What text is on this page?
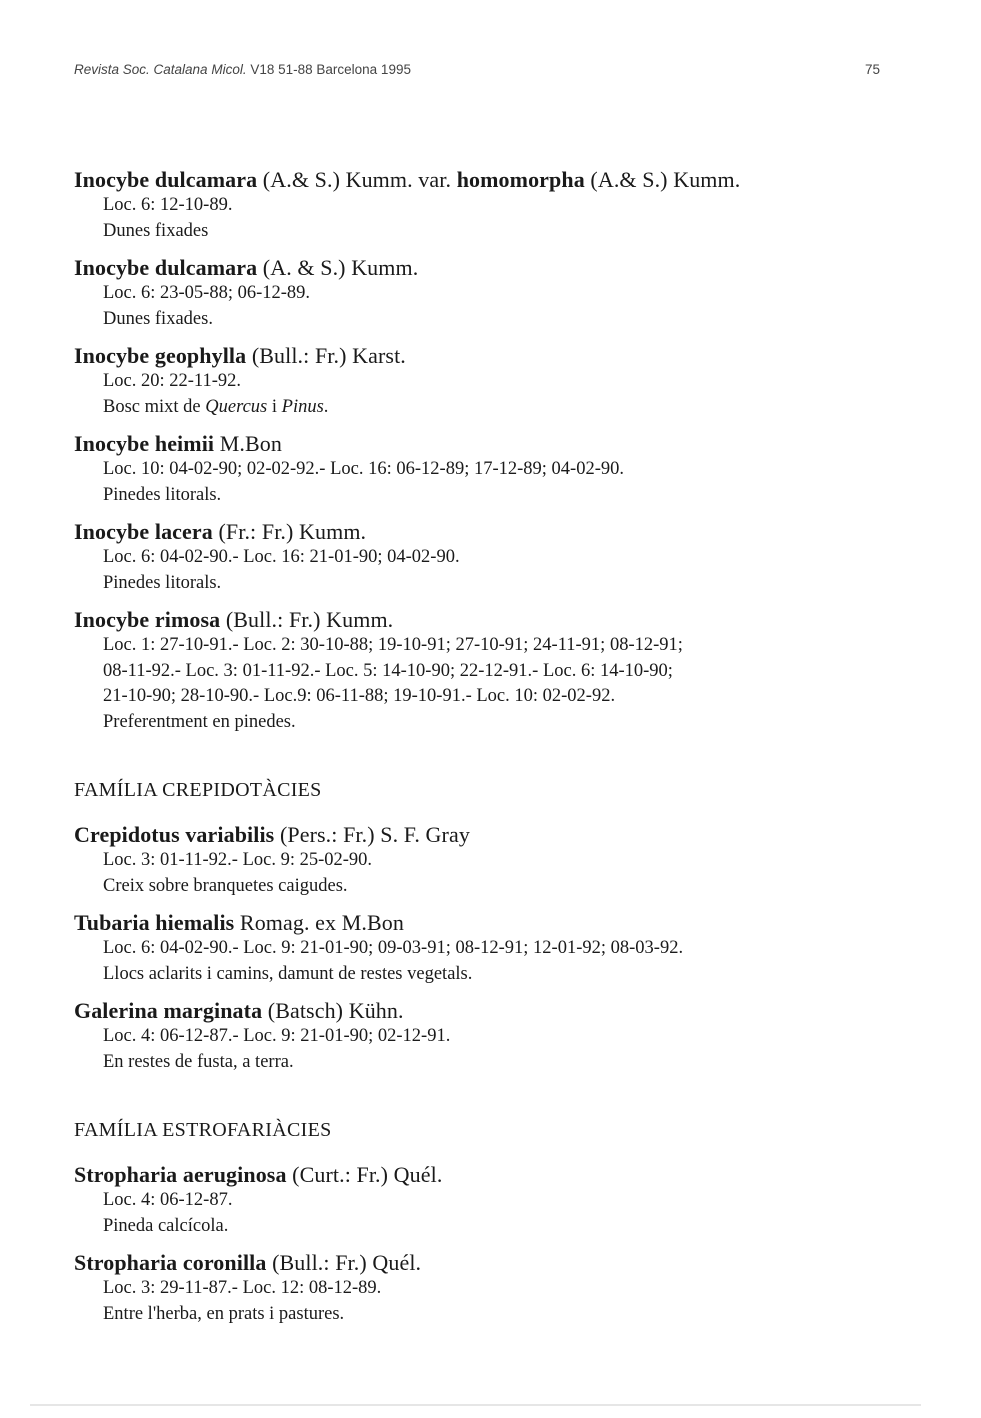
Revista Soc. Catalana Micol. V18 51-88 Barcelona 1995	75
Inocybe dulcamara (A.& S.) Kumm. var. homomorpha (A.& S.) Kumm.
Loc. 6: 12-10-89.
Dunes fixades
Inocybe dulcamara (A. & S.) Kumm.
Loc. 6: 23-05-88; 06-12-89.
Dunes fixades.
Inocybe geophylla (Bull.: Fr.) Karst.
Loc. 20: 22-11-92.
Bosc mixt de Quercus i Pinus.
Inocybe heimii M.Bon
Loc. 10: 04-02-90; 02-02-92.- Loc. 16: 06-12-89; 17-12-89; 04-02-90.
Pinedes litorals.
Inocybe lacera (Fr.: Fr.) Kumm.
Loc. 6: 04-02-90.- Loc. 16: 21-01-90; 04-02-90.
Pinedes litorals.
Inocybe rimosa (Bull.: Fr.) Kumm.
Loc. 1: 27-10-91.- Loc. 2: 30-10-88; 19-10-91; 27-10-91; 24-11-91; 08-12-91;
08-11-92.- Loc. 3: 01-11-92.- Loc. 5: 14-10-90; 22-12-91.- Loc. 6: 14-10-90;
21-10-90; 28-10-90.- Loc.9: 06-11-88; 19-10-91.- Loc. 10: 02-02-92.
Preferentment en pinedes.
FAMÍLIA CREPIDOTÀCIES
Crepidotus variabilis (Pers.: Fr.) S. F. Gray
Loc. 3: 01-11-92.- Loc. 9: 25-02-90.
Creix sobre branquetes caigudes.
Tubaria hiemalis Romag. ex M.Bon
Loc. 6: 04-02-90.- Loc. 9: 21-01-90; 09-03-91; 08-12-91; 12-01-92; 08-03-92.
Llocs aclarits i camins, damunt de restes vegetals.
Galerina marginata (Batsch) Kühn.
Loc. 4: 06-12-87.- Loc. 9: 21-01-90; 02-12-91.
En restes de fusta, a terra.
FAMÍLIA ESTROFARIÀCIES
Stropharia aeruginosa (Curt.: Fr.) Quél.
Loc. 4: 06-12-87.
Pineda calcícola.
Stropharia coronilla (Bull.: Fr.) Quél.
Loc. 3: 29-11-87.- Loc. 12: 08-12-89.
Entre l'herba, en prats i pastures.
